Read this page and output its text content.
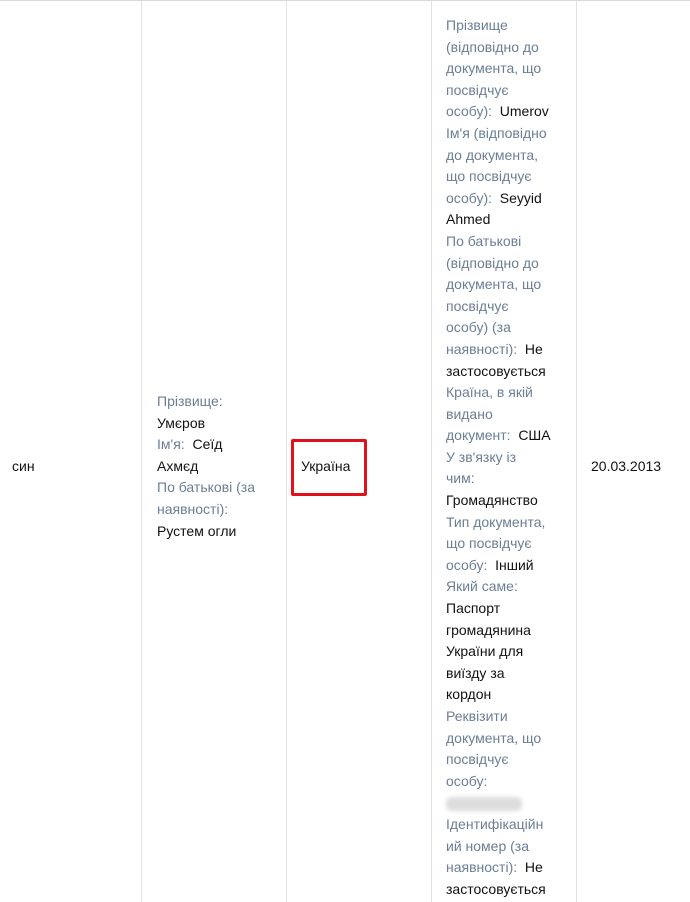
син
Прізвище:
Умєров
Ім'я: Сеїд
Ахмєд
По батькові (за
наявності):
Рустем огли
Україна
Прізвище
(відповідно до
документа, що
посвідчує
особу): Umerov
Ім'я (відповідно
до документа,
що посвідчує
особу): Seyyid
Ahmed
По батькові
(відповідно до
документа, що
посвідчує
особу) (за
наявності): Не
застосовується
Країна, в якій
видано
документ: США
У зв'язку із
чим:
Громадянство
Тип документа,
що посвідчує
особу: Інший
Який саме:
Паспорт
громадянина
України для
виїзду за
кордон
Реквізити
документа, що
посвідчує
особу:
Ідентифікаційн
ий номер (за
наявності): Не
застосовується
20.03.2013
